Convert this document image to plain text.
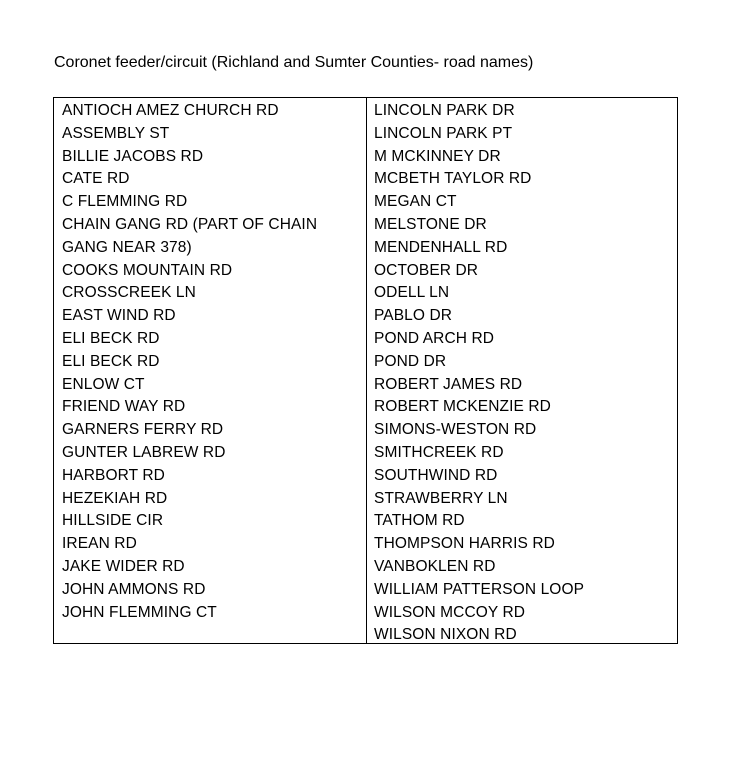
Coronet feeder/circuit (Richland and Sumter Counties- road names)
ANTIOCH AMEZ CHURCH RD
ASSEMBLY ST
BILLIE JACOBS RD
CATE RD
C FLEMMING RD
CHAIN GANG RD (PART OF CHAIN
GANG NEAR 378)
COOKS MOUNTAIN RD
CROSSCREEK LN
EAST WIND RD
ELI BECK RD
ELI BECK RD
ENLOW CT
FRIEND WAY RD
GARNERS FERRY RD
GUNTER LABREW RD
HARBORT RD
HEZEKIAH RD
HILLSIDE CIR
IREAN RD
JAKE WIDER RD
JOHN AMMONS RD
JOHN FLEMMING CT
LINCOLN PARK DR
LINCOLN PARK PT
M MCKINNEY DR
MCBETH TAYLOR RD
MEGAN CT
MELSTONE DR
MENDENHALL RD
OCTOBER DR
ODELL LN
PABLO DR
POND ARCH RD
POND DR
ROBERT JAMES RD
ROBERT MCKENZIE RD
SIMONS-WESTON RD
SMITHCREEK RD
SOUTHWIND RD
STRAWBERRY LN
TATHOM RD
THOMPSON HARRIS RD
VANBOKLEN RD
WILLIAM PATTERSON LOOP
WILSON MCCOY RD
WILSON NIXON RD
